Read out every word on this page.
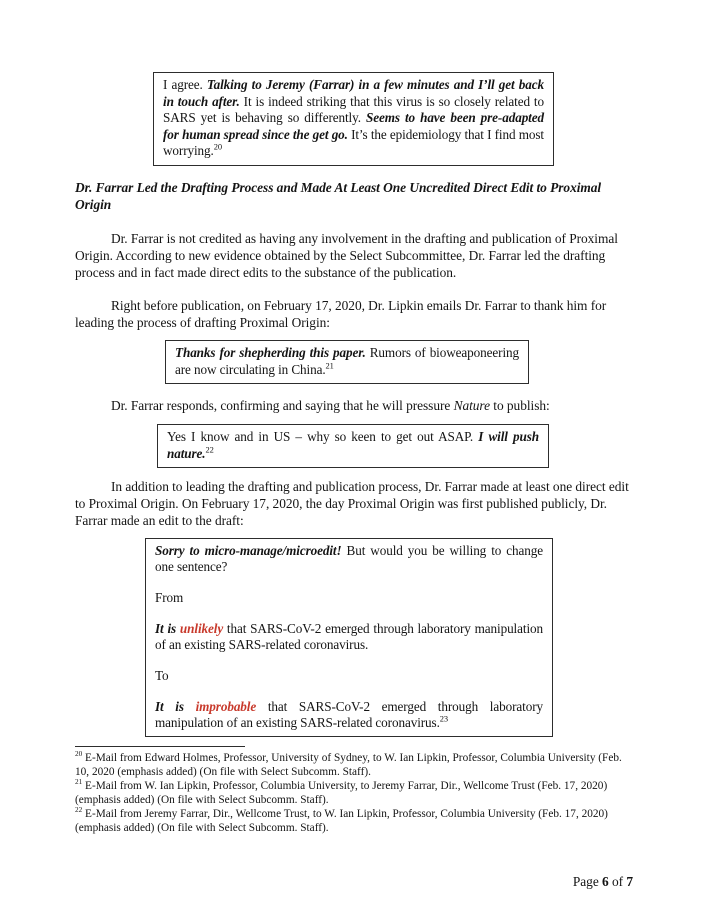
I agree. Talking to Jeremy (Farrar) in a few minutes and I’ll get back in touch after. It is indeed striking that this virus is so closely related to SARS yet is behaving so differently. Seems to have been pre-adapted for human spread since the get go. It’s the epidemiology that I find most worrying.$^{20}$

Dr. Farrar Led the Drafting Process and Made At Least One Uncredited Direct Edit to Proximal Origin

Dr. Farrar is not credited as having any involvement in the drafting and publication of Proximal Origin. According to new evidence obtained by the Select Subcommittee, Dr. Farrar led the drafting process and in fact made direct edits to the substance of the publication.

Right before publication, on February 17, 2020, Dr. Lipkin emails Dr. Farrar to thank him for leading the process of drafting Proximal Origin:

Thanks for shepherding this paper. Rumors of bioweaponeering are now circulating in China.$^{21}$

Dr. Farrar responds, confirming and saying that he will pressure Nature to publish:

Yes I know and in US – why so keen to get out ASAP. I will push nature.$^{22}$

In addition to leading the drafting and publication process, Dr. Farrar made at least one direct edit to Proximal Origin. On February 17, 2020, the day Proximal Origin was first published publicly, Dr. Farrar made an edit to the draft:

Sorry to micro-manage/microedit! But would you be willing to change one sentence?

From

It is unlikely that SARS-CoV-2 emerged through laboratory manipulation of an existing SARS-related coronavirus.

To

It is improbable that SARS-CoV-2 emerged through laboratory manipulation of an existing SARS-related coronavirus.$^{23}$

$^{20}$ E-Mail from Edward Holmes, Professor, University of Sydney, to W. Ian Lipkin, Professor, Columbia University (Feb. 10, 2020 (emphasis added) (On file with Select Subcomm. Staff).

$^{21}$ E-Mail from W. Ian Lipkin, Professor, Columbia University, to Jeremy Farrar, Dir., Wellcome Trust (Feb. 17, 2020) (emphasis added) (On file with Select Subcomm. Staff).

$^{22}$ E-Mail from Jeremy Farrar, Dir., Wellcome Trust, to W. Ian Lipkin, Professor, Columbia University (Feb. 17, 2020) (emphasis added) (On file with Select Subcomm. Staff).

Page 6 of 7
